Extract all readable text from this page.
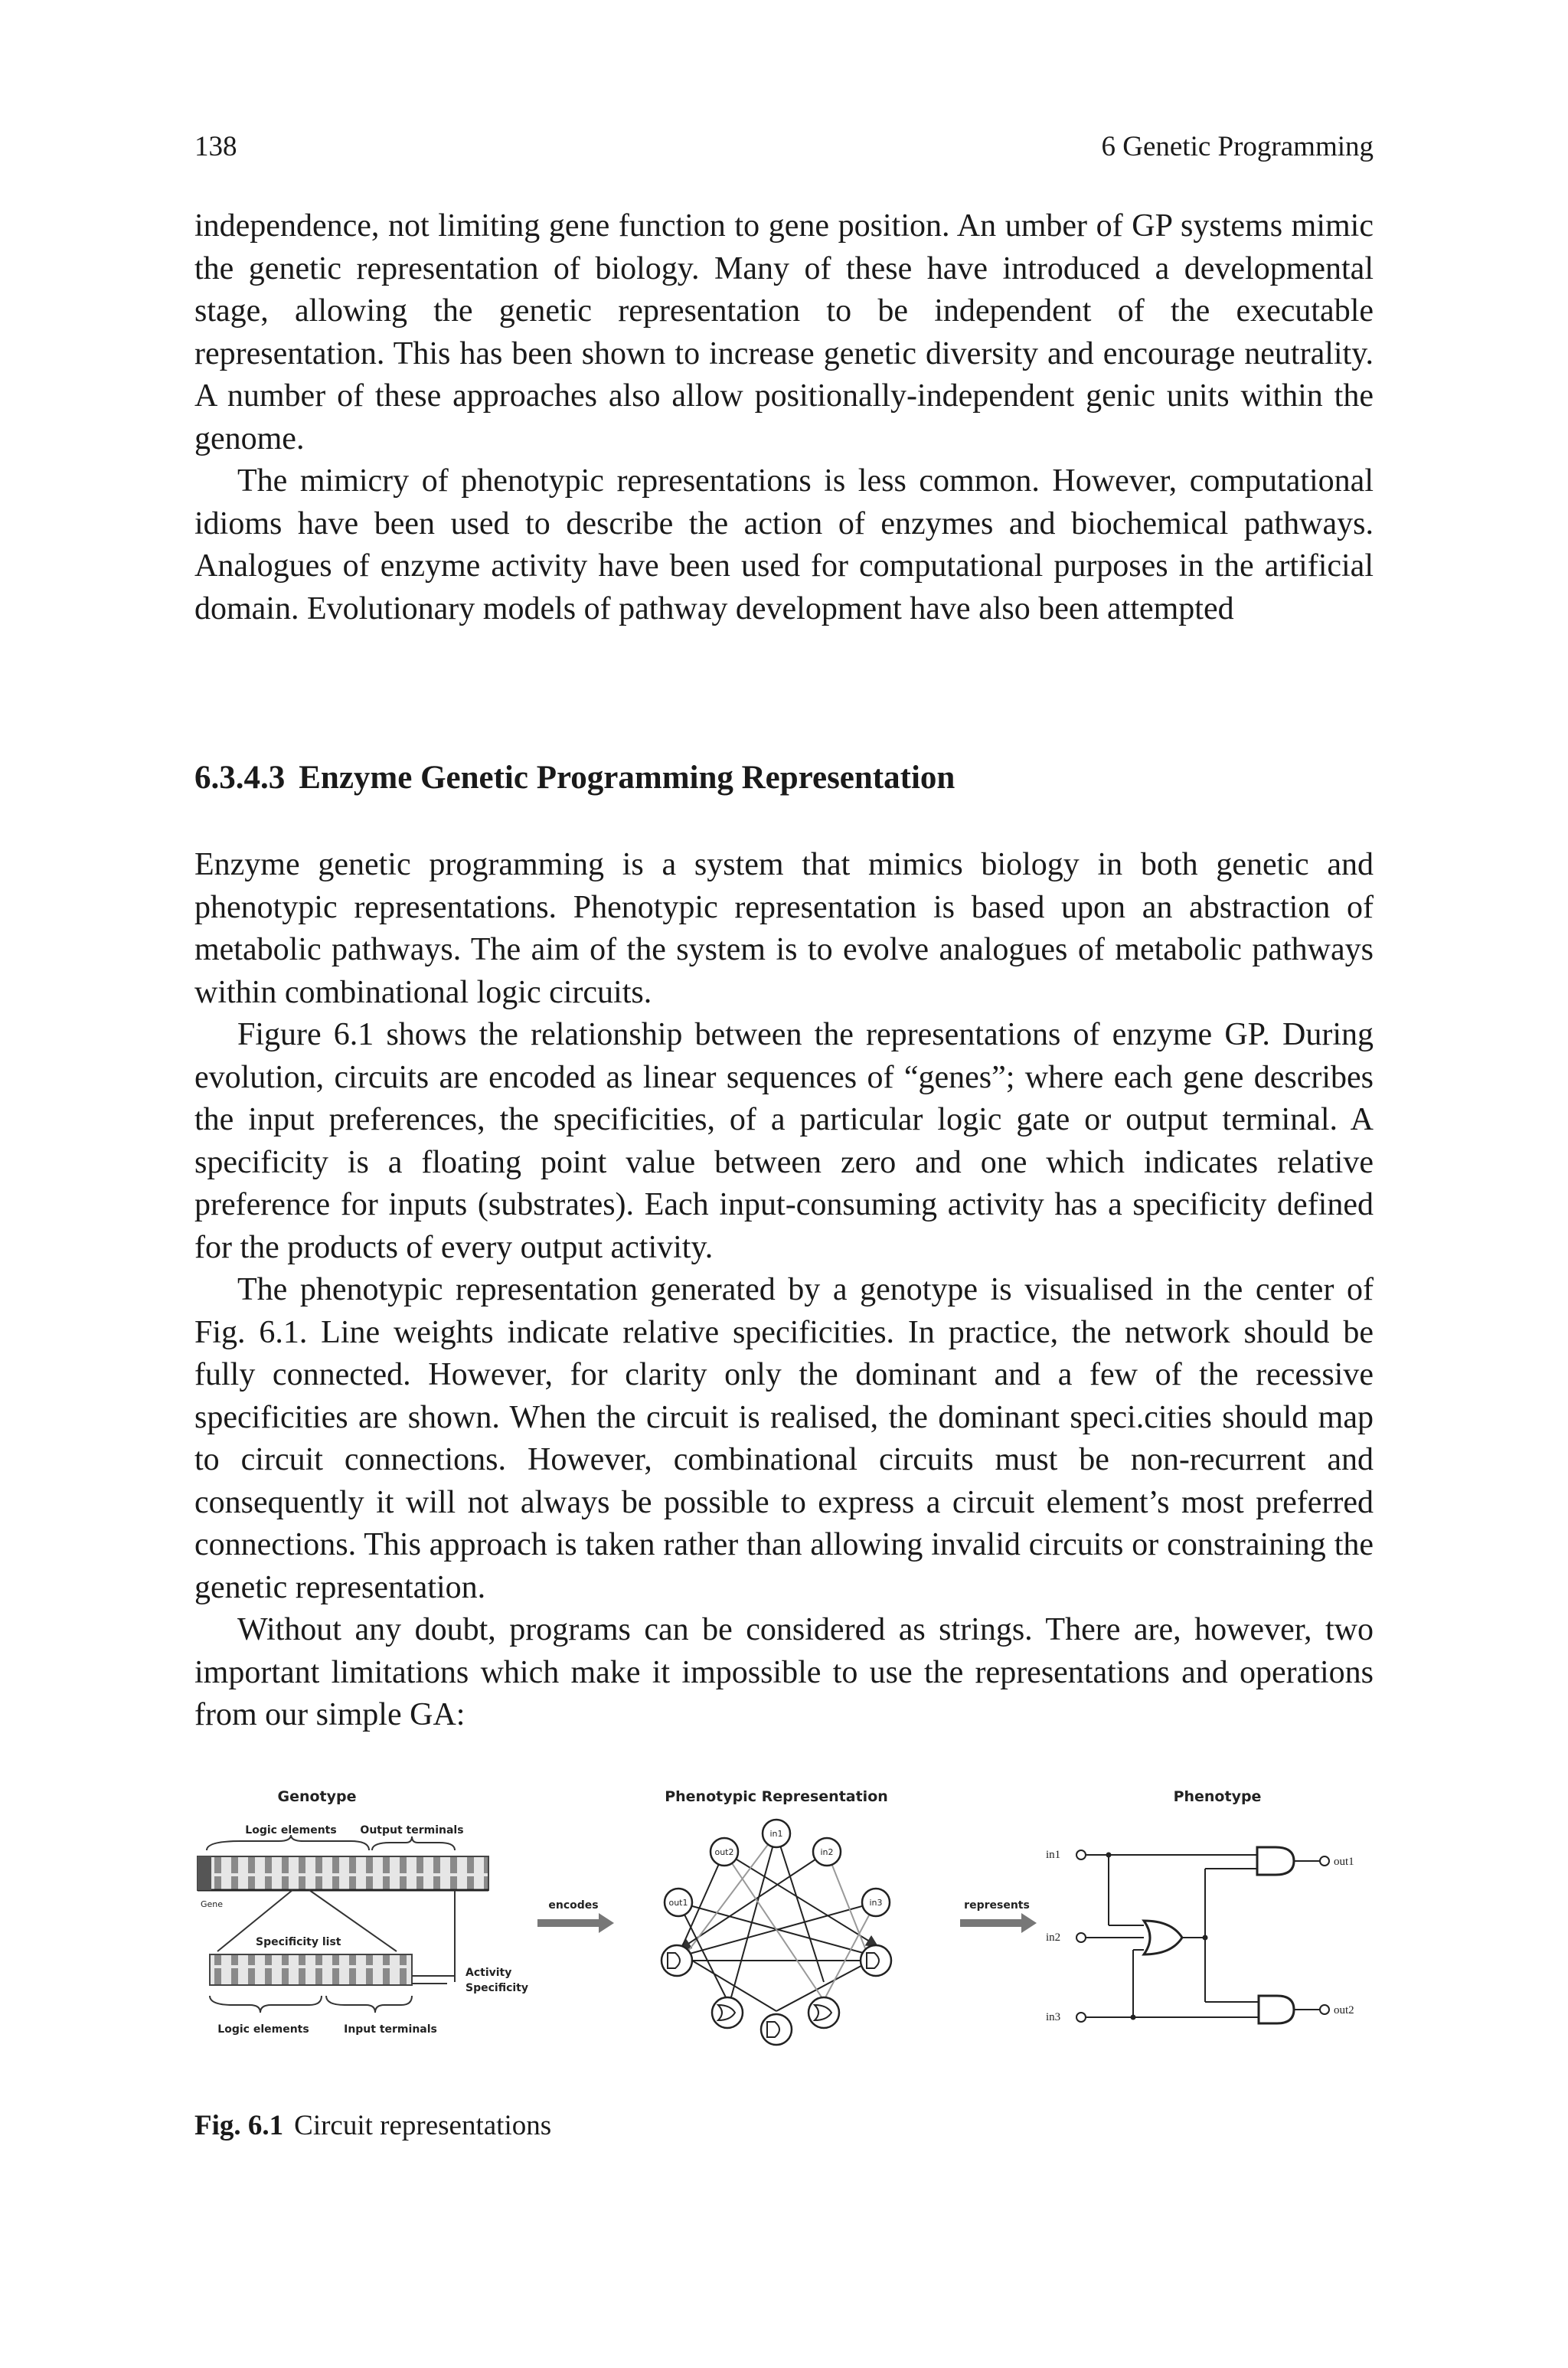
138	6 Genetic Programming

independence, not limiting gene function to gene position. An umber of GP systems mimic the genetic representation of biology. Many of these have introduced a developmental stage, allowing the genetic representation to be independent of the executable representation. This has been shown to increase genetic diversity and encourage neutrality. A number of these approaches also allow positionally-independent genic units within the genome.

The mimicry of phenotypic representations is less common. However, computational idioms have been used to describe the action of enzymes and biochemical pathways. Analogues of enzyme activity have been used for computational purposes in the artificial domain. Evolutionary models of pathway development have also been attempted

6.3.4.3 Enzyme Genetic Programming Representation

Enzyme genetic programming is a system that mimics biology in both genetic and phenotypic representations. Phenotypic representation is based upon an abstraction of metabolic pathways. The aim of the system is to evolve analogues of metabolic pathways within combinational logic circuits.

Figure 6.1 shows the relationship between the representations of enzyme GP. During evolution, circuits are encoded as linear sequences of “genes”; where each gene describes the input preferences, the specificities, of a particular logic gate or output terminal. A specificity is a floating point value between zero and one which indicates relative preference for inputs (substrates). Each input-consuming activity has a specificity defined for the products of every output activity.

The phenotypic representation generated by a genotype is visualised in the center of Fig. 6.1. Line weights indicate relative specificities. In practice, the network should be fully connected. However, for clarity only the dominant and a few of the recessive specificities are shown. When the circuit is realised, the dominant speci.cities should map to circuit connections. However, combinational circuits must be non-recurrent and consequently it will not always be possible to express a circuit element’s most preferred connections. This approach is taken rather than allowing invalid circuits or constraining the genetic representation.

Without any doubt, programs can be considered as strings. There are, however, two important limitations which make it impossible to use the representations and operations from our simple GA:

Genotype
Logic elements Output terminals
Gene
Specificity list
Activity
Specificity
Logic elements	Input terminals
encodes
Phenotypic Representation
in1
out2	in2
out1	in3	represents
Phenotype
in1
in2
in3
out1
out2
Fig. 6.1 Circuit representations
